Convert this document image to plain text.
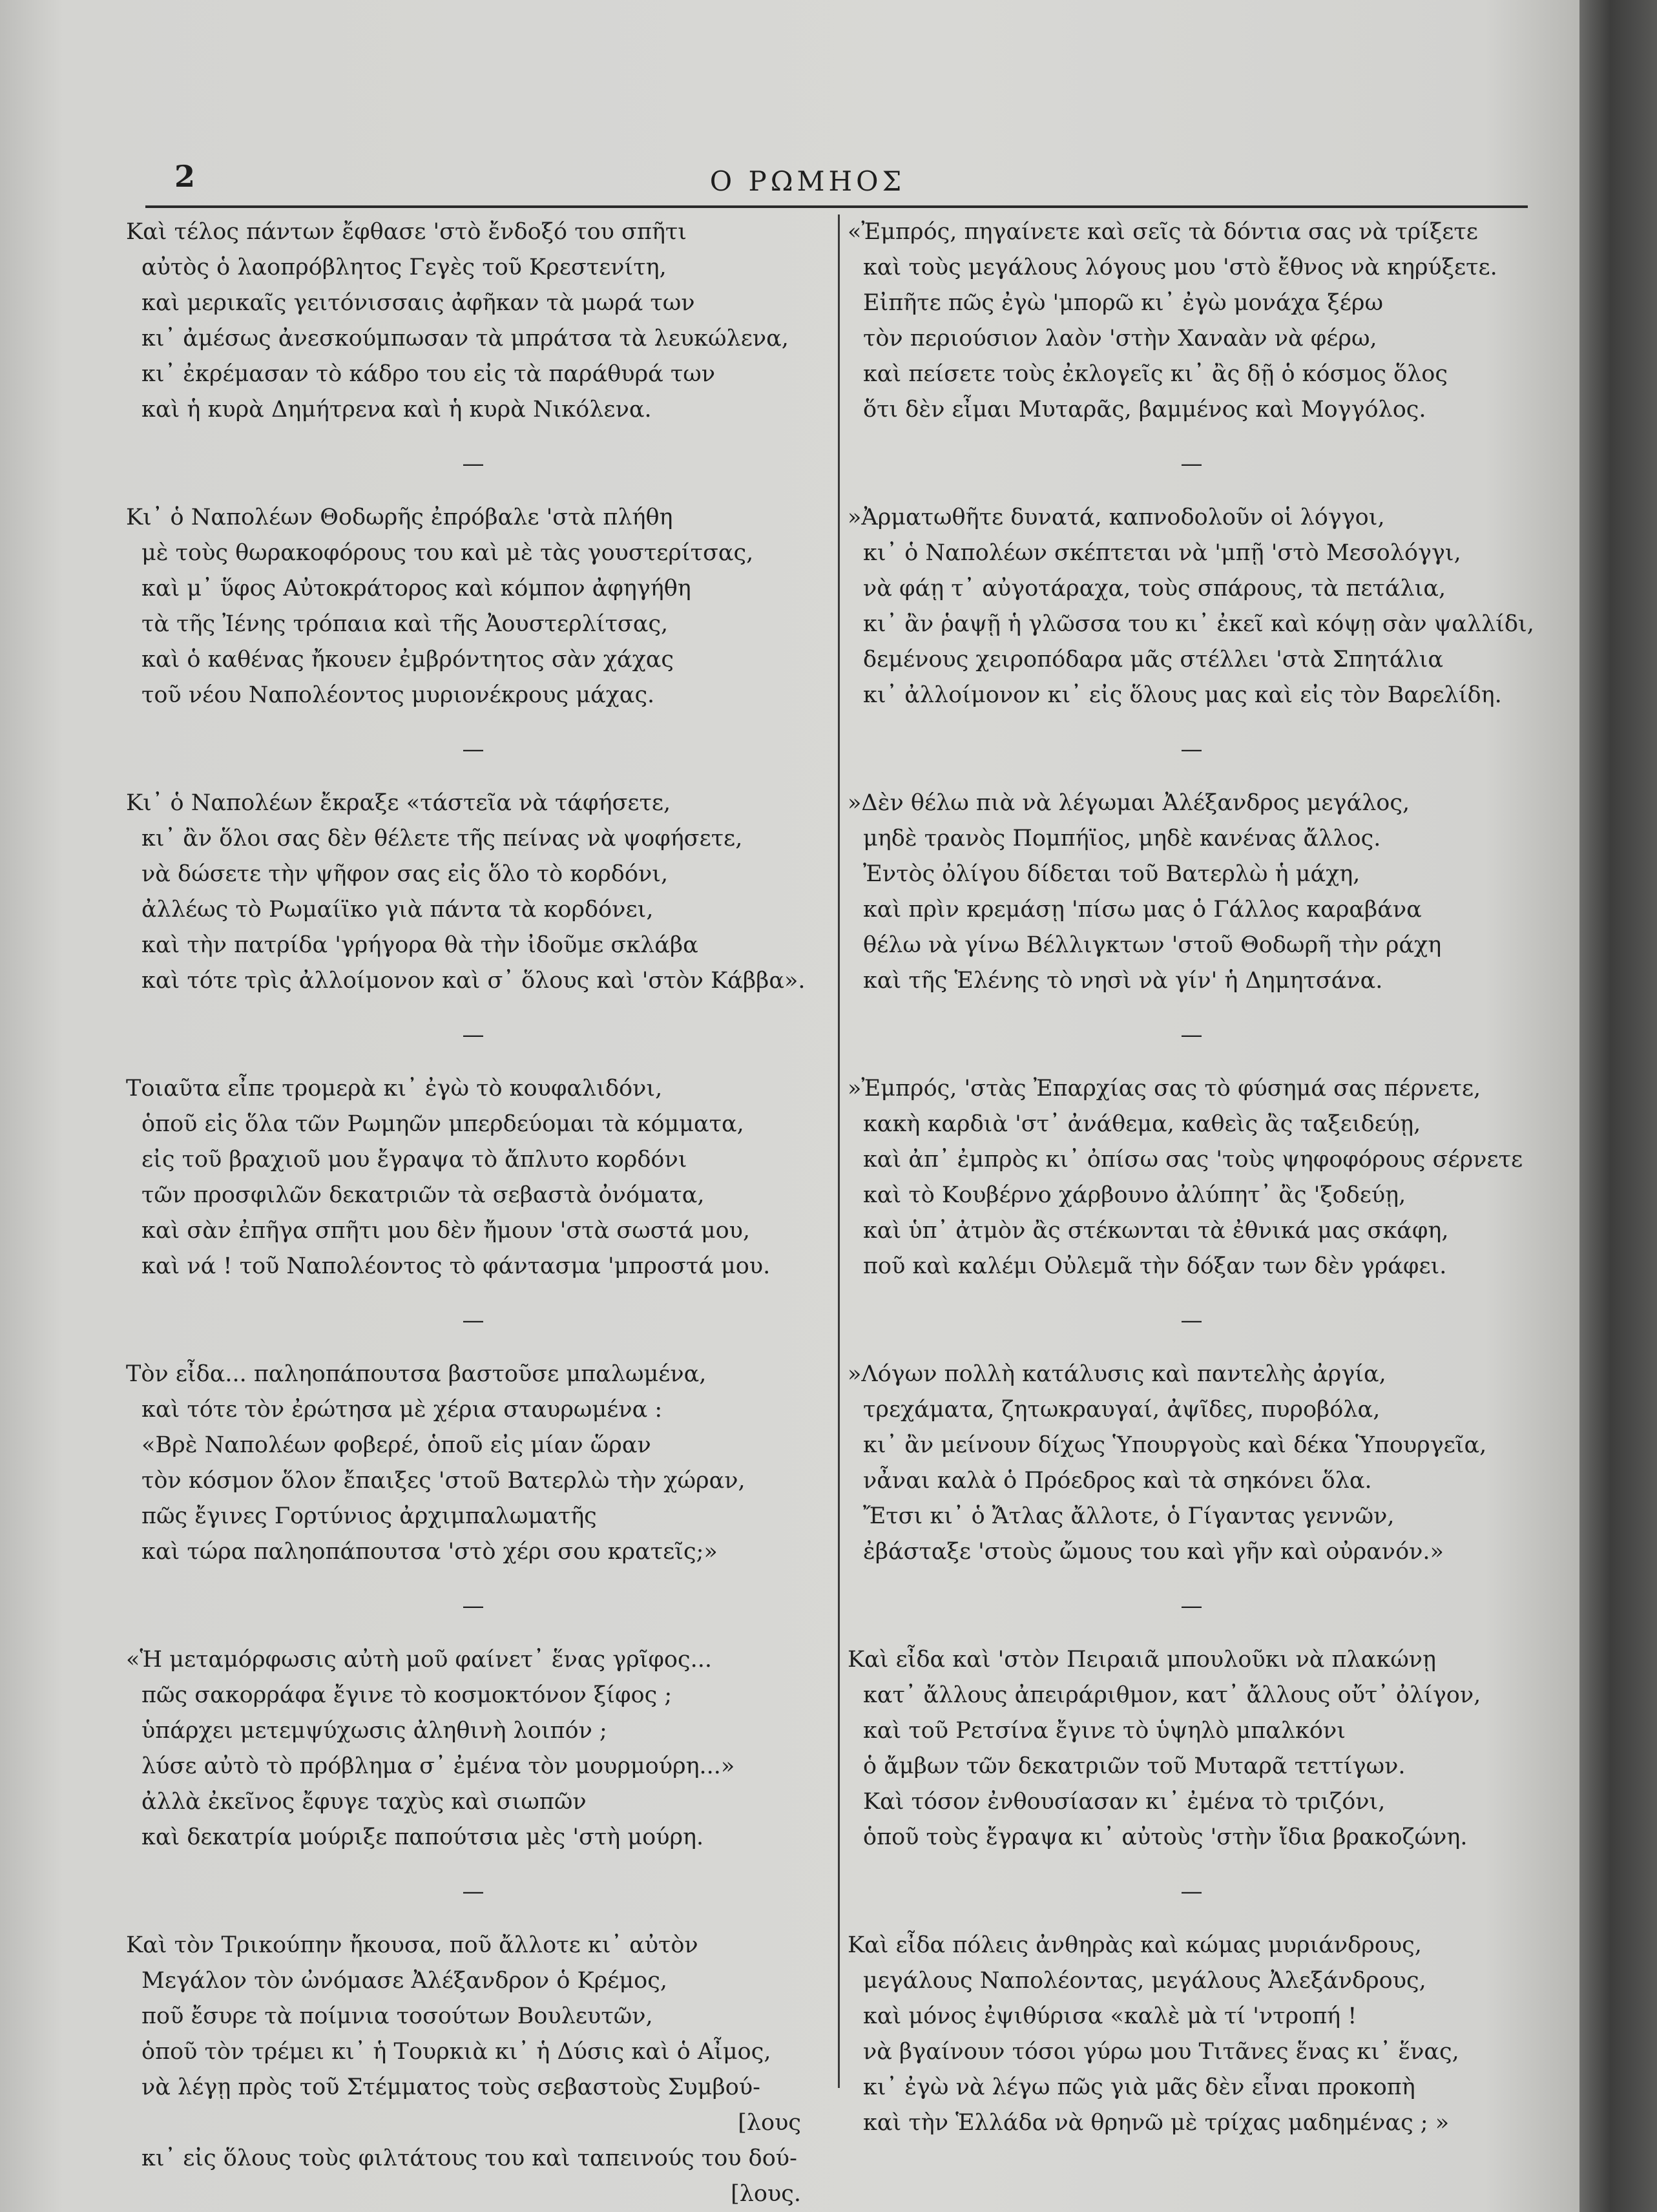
2	Ο ΡΩΜΗΟΣ
Καὶ τέλος πάντων ἔφθασε 'στὸ ἔνδοξό του σπῆτι
αὐτὸς ὁ λαοπρόβλητος Γεγὲς τοῦ Κρεστενίτη,
καὶ μερικαῖς γειτόνισσαις ἀφῆκαν τὰ μωρά των
κι᾽ ἀμέσως ἀνεσκούμπωσαν τὰ μπράτσα τὰ λευκώλενα,
κι᾽ ἐκρέμασαν τὸ κάδρο του εἰς τὰ παράθυρά των
καὶ ἡ κυρὰ Δημήτρενα καὶ ἡ κυρὰ Νικόλενα.
—
Κι᾽ ὁ Ναπολέων Θοδωρῆς ἐπρόβαλε 'στὰ πλήθη
μὲ τοὺς θωρακοφόρους του καὶ μὲ τὰς γουστερίτσας,
καὶ μ᾽ ὕφος Αὐτοκράτορος καὶ κόμπον ἀφηγήθη
τὰ τῆς Ἰένης τρόπαια καὶ τῆς Ἀουστερλίτσας,
καὶ ὁ καθένας ἤκουεν ἐμβρόντητος σὰν χάχας
τοῦ νέου Ναπολέοντος μυριονέκρους μάχας.
—
Κι᾽ ὁ Ναπολέων ἔκραξε «τάστεῖα νὰ τάφήσετε,
κι᾽ ἂν ὅλοι σας δὲν θέλετε τῆς πείνας νὰ ψοφήσετε,
νὰ δώσετε τὴν ψῆφον σας εἰς ὅλο τὸ κορδόνι,
ἀλλέως τὸ Ρωμαίϊκο γιὰ πάντα τὰ κορδόνει,
καὶ τὴν πατρίδα 'γρήγορα θὰ τὴν ἰδοῦμε σκλάβα
καὶ τότε τρὶς ἀλλοίμονον καὶ σ᾽ ὅλους καὶ 'στὸν Κάββα».
—
Τοιαῦτα εἶπε τρομερὰ κι᾽ ἐγὼ τὸ κουφαλιδόνι,
ὁποῦ εἰς ὅλα τῶν Ρωμηῶν μπερδεύομαι τὰ κόμματα,
εἰς τοῦ βραχιοῦ μου ἔγραψα τὸ ἄπλυτο κορδόνι
τῶν προσφιλῶν δεκατριῶν τὰ σεβαστὰ ὀνόματα,
καὶ σὰν ἐπῆγα σπῆτι μου δὲν ἤμουν 'στὰ σωστά μου,
καὶ νά ! τοῦ Ναπολέοντος τὸ φάντασμα 'μπροστά μου.
—
Τὸν εἶδα... παληοπάπουτσα βαστοῦσε μπαλωμένα,
καὶ τότε τὸν ἐρώτησα μὲ χέρια σταυρωμένα :
«Βρὲ Ναπολέων φοβερέ, ὁποῦ εἰς μίαν ὥραν
τὸν κόσμον ὅλον ἔπαιξες 'στοῦ Βατερλὼ τὴν χώραν,
πῶς ἔγινες Γορτύνιος ἀρχιμπαλωματῆς
καὶ τώρα παληοπάπουτσα 'στὸ χέρι σου κρατεῖς;»
—
«Ἡ μεταμόρφωσις αὐτὴ μοῦ φαίνετ᾽ ἕνας γρῖφος...
πῶς σακορράφα ἔγινε τὸ κοσμοκτόνον ξίφος ;
ὑπάρχει μετεμψύχωσις ἀληθινὴ λοιπόν ;
λύσε αὐτὸ τὸ πρόβλημα σ᾽ ἐμένα τὸν μουρμούρη...»
ἀλλὰ ἐκεῖνος ἔφυγε ταχὺς καὶ σιωπῶν
καὶ δεκατρία μούριξε παπούτσια μὲς 'στὴ μούρη.
—
Καὶ τὸν Τρικούπην ἤκουσα, ποῦ ἄλλοτε κι᾽ αὐτὸν
Μεγάλον τὸν ὠνόμασε Ἀλέξανδρον ὁ Κρέμος,
ποῦ ἔσυρε τὰ ποίμνια τοσούτων Βουλευτῶν,
ὁποῦ τὸν τρέμει κι᾽ ἡ Τουρκιὰ κι᾽ ἡ Δύσις καὶ ὁ Αἶμος,
νὰ λέγῃ πρὸς τοῦ Στέμματος τοὺς σεβαστοὺς Συμβού-
[λους
κι᾽ εἰς ὅλους τοὺς φιλτάτους του καὶ ταπεινούς του δού-
[λους.
«Ἐμπρός, πηγαίνετε καὶ σεῖς τὰ δόντια σας νὰ τρίξετε
καὶ τοὺς μεγάλους λόγους μου 'στὸ ἔθνος νὰ κηρύξετε.
Εἰπῆτε πῶς ἐγὼ 'μπορῶ κι᾽ ἐγὼ μονάχα ξέρω
τὸν περιούσιον λαὸν 'στὴν Χαναὰν νὰ φέρω,
καὶ πείσετε τοὺς ἐκλογεῖς κι᾽ ἂς δῇ ὁ κόσμος ὅλος
ὅτι δὲν εἶμαι Μυταρᾶς, βαμμένος καὶ Μογγόλος.
—
»Ἀρματωθῆτε δυνατά, καπνοδολοῦν οἱ λόγγοι,
κι᾽ ὁ Ναπολέων σκέπτεται νὰ 'μπῇ 'στὸ Μεσολόγγι,
νὰ φάῃ τ᾽ αὐγοτάραχα, τοὺς σπάρους, τὰ πετάλια,
κι᾽ ἂν ῥαψῇ ἡ γλῶσσα του κι᾽ ἐκεῖ καὶ κόψῃ σὰν ψαλλίδι,
δεμένους χειροπόδαρα μᾶς στέλλει 'στὰ Σπητάλια
κι᾽ ἀλλοίμονον κι᾽ εἰς ὅλους μας καὶ εἰς τὸν Βαρελίδη.
—
»Δὲν θέλω πιὰ νὰ λέγωμαι Ἀλέξανδρος μεγάλος,
μηδὲ τρανὸς Πομπήϊος, μηδὲ κανένας ἄλλος.
Ἐντὸς ὀλίγου δίδεται τοῦ Βατερλὼ ἡ μάχη,
καὶ πρὶν κρεμάσῃ 'πίσω μας ὁ Γάλλος καραβάνα
θέλω νὰ γίνω Βέλλιγκτων 'στοῦ Θοδωρῆ τὴν ράχη
καὶ τῆς Ἑλένης τὸ νησὶ νὰ γίν' ἡ Δημητσάνα.
—
»Ἐμπρός, 'στὰς Ἐπαρχίας σας τὸ φύσημά σας πέρνετε,
κακὴ καρδιὰ 'στ᾽ ἀνάθεμα, καθεὶς ἂς ταξειδεύῃ,
καὶ ἀπ᾽ ἐμπρὸς κι᾽ ὀπίσω σας 'τοὺς ψηφοφόρους σέρνετε
καὶ τὸ Κουβέρνο χάρβουνο ἀλύπητ᾽ ἂς 'ξοδεύῃ,
καὶ ὑπ᾽ ἀτμὸν ἂς στέκωνται τὰ ἐθνικά μας σκάφη,
ποῦ καὶ καλέμι Οὐλεμᾶ τὴν δόξαν των δὲν γράφει.
—
»Λόγων πολλὴ κατάλυσις καὶ παντελὴς ἀργία,
τρεχάματα, ζητωκραυγαί, ἀψῖδες, πυροβόλα,
κι᾽ ἂν μείνουν δίχως Ὑπουργοὺς καὶ δέκα Ὑπουργεῖα,
νἆναι καλὰ ὁ Πρόεδρος καὶ τὰ σηκόνει ὅλα.
Ἔτσι κι᾽ ὁ Ἄτλας ἄλλοτε, ὁ Γίγαντας γεννῶν,
ἐβάσταξε 'στοὺς ὤμους του καὶ γῆν καὶ οὐρανόν.»
—
Καὶ εἶδα καὶ 'στὸν Πειραιᾶ μπουλοῦκι νὰ πλακώνῃ
κατ᾽ ἄλλους ἀπειράριθμον, κατ᾽ ἄλλους οὔτ᾽ ὀλίγον,
καὶ τοῦ Ρετσίνα ἔγινε τὸ ὑψηλὸ μπαλκόνι
ὁ ἄμβων τῶν δεκατριῶν τοῦ Μυταρᾶ τεττίγων.
Καὶ τόσον ἐνθουσίασαν κι᾽ ἐμένα τὸ τριζόνι,
ὁποῦ τοὺς ἔγραψα κι᾽ αὐτοὺς 'στὴν ἴδια βρακοζώνη.
—
Καὶ εἶδα πόλεις ἀνθηρὰς καὶ κώμας μυριάνδρους,
μεγάλους Ναπολέοντας, μεγάλους Ἀλεξάνδρους,
καὶ μόνος ἐψιθύρισα «καλὲ μὰ τί 'ντροπή !
νὰ βγαίνουν τόσοι γύρω μου Τιτᾶνες ἕνας κι᾽ ἕνας,
κι᾽ ἐγὼ νὰ λέγω πῶς γιὰ μᾶς δὲν εἶναι προκοπὴ
καὶ τὴν Ἑλλάδα νὰ θρηνῶ μὲ τρίχας μαδημένας ; »
